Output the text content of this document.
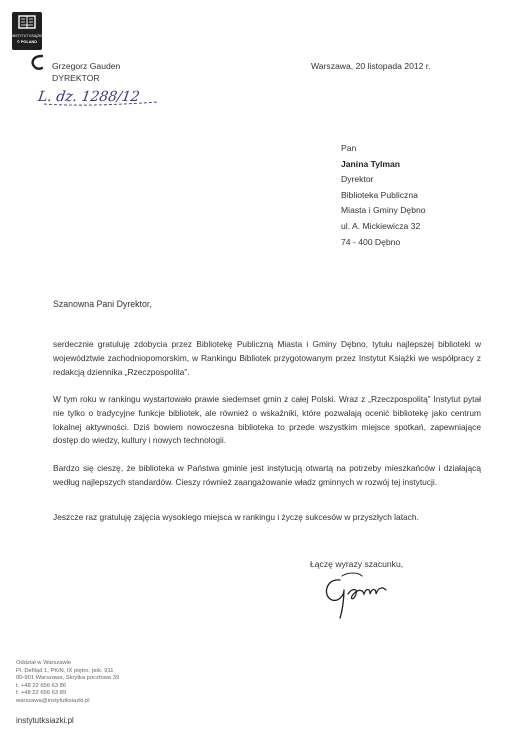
INSTYTUT KSIĄŻKI
© POLAND
Grzegorz Gauden
DYREKTOR
L. dz. 1288/12
Warszawa, 20 listopada 2012 r.
Pan
Janina Tylman
Dyrektor
Biblioteka Publiczna
Miasta i Gminy Dębno
ul. A. Mickiewicza 32
74 - 400 Dębno
Szanowna Pani Dyrektor,
serdecznie gratuluję zdobycia przez Bibliotekę Publiczną Miasta i Gminy Dębno, tytułu najlepszej biblioteki w województwie zachodniopomorskim, w Rankingu Bibliotek przygotowanym przez Instytut Książki we współpracy z redakcją dziennika „Rzeczpospolita”.
W tym roku w rankingu wystartowało prawie siedemset gmin z całej Polski. Wraz z „Rzeczpospolitą” Instytut pytał nie tylko o tradycyjne funkcje bibliotek, ale również o wskaźniki, które pozwalają ocenić bibliotekę jako centrum lokalnej aktywności. Dziś bowiem nowoczesna biblioteka to przede wszystkim miejsce spotkań, zapewniające dostęp do wiedzy, kultury i nowych technologii.
Bardzo się cieszę, że biblioteka w Państwa gminie jest instytucją otwartą na potrzeby mieszkańców i działającą według najlepszych standardów. Cieszy również zaangażowanie władz gminnych w rozwój tej instytucji.
Jeszcze raz gratuluję zajęcia wysokiego miejsca w rankingu i życzę sukcesów w przyszłych latach.
Łączę wyrazy szacunku,
Oddział w Warszawie
Pl. Defilad 1, PKiN, IX piętro, pok. 911
00-901 Warszawa, Skrytka pocztowa 39
t. +48 22 656 63 86
f. +48 22 656 63 89
warszawa@instytutksiazki.pl
instytutksiazki.pl
